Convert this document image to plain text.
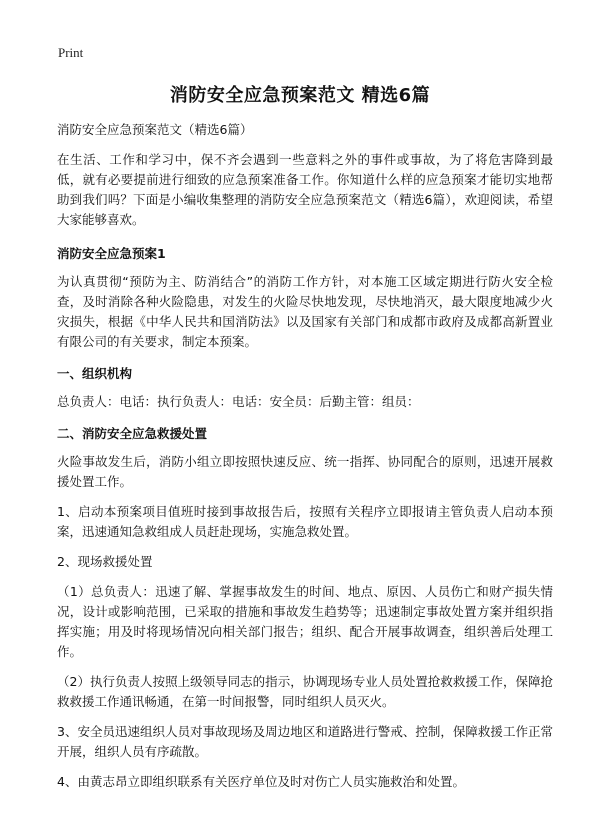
Print
消防安全应急预案范文 精选6篇

消防安全应急预案范文（精选6篇）

在生活、工作和学习中，保不齐会遇到一些意料之外的事件或事故，为了将危害降到最低，就有必要提前进行细致的应急预案准备工作。你知道什么样的应急预案才能切实地帮助到我们吗？下面是小编收集整理的消防安全应急预案范文（精选6篇），欢迎阅读，希望大家能够喜欢。

消防安全应急预案1

为认真贯彻“预防为主、防消结合”的消防工作方针，对本施工区域定期进行防火安全检查，及时消除各种火险隐患，对发生的火险尽快地发现，尽快地消灭，最大限度地减少火灾损失，根据《中华人民共和国消防法》以及国家有关部门和成都市政府及成都高新置业有限公司的有关要求，制定本预案。

一、组织机构

总负责人：电话：执行负责人：电话：安全员：后勤主管：组员：

二、消防安全应急救援处置

火险事故发生后，消防小组立即按照快速反应、统一指挥、协同配合的原则，迅速开展救援处置工作。

1、启动本预案项目值班时接到事故报告后，按照有关程序立即报请主管负责人启动本预案，迅速通知急救组成人员赶赴现场，实施急救处置。

2、现场救援处置

（1）总负责人：迅速了解、掌握事故发生的时间、地点、原因、人员伤亡和财产损失情况，设计或影响范围，已采取的措施和事故发生趋势等；迅速制定事故处置方案并组织指挥实施；用及时将现场情况向相关部门报告；组织、配合开展事故调查，组织善后处理工作。

（2）执行负责人按照上级领导同志的指示，协调现场专业人员处置抢救救援工作，保障抢救救援工作通讯畅通，在第一时间报警，同时组织人员灭火。

3、安全员迅速组织人员对事故现场及周边地区和道路进行警戒、控制，保障救援工作正常开展，组织人员有序疏散。

4、由黄志昂立即组织联系有关医疗单位及时对伤亡人员实施救治和处置。
